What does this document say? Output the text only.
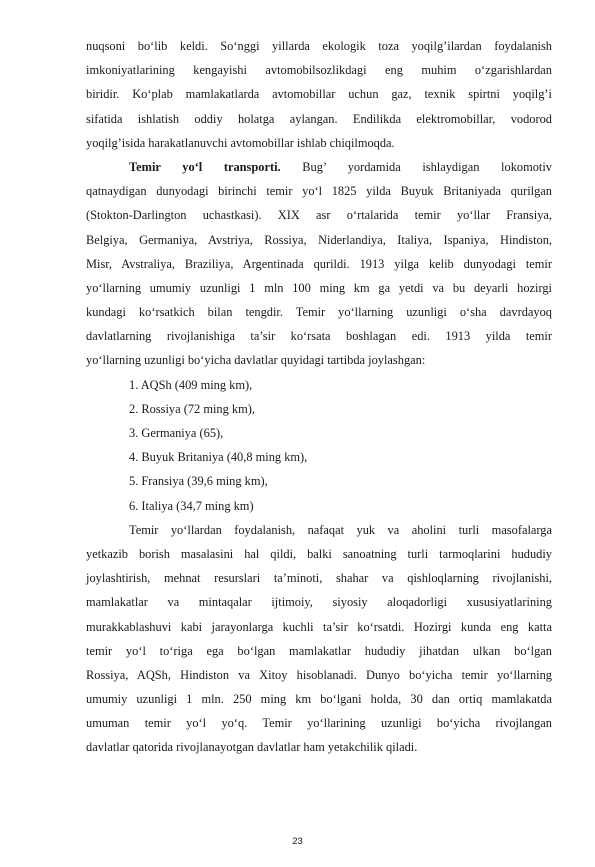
nuqsoni bo‘lib keldi. So‘nggi yillarda ekologik toza yoqilg’ilardan foydalanish
imkoniyatlarining kengayishi avtomobilsozlikdagi eng muhim o‘zgarishlardan
biridir. Ko‘plab mamlakatlarda avtomobillar uchun gaz, texnik spirtni yoqilg’i
sifatida ishlatish oddiy holatga aylangan. Endilikda elektromobillar, vodorod
yoqilg’isida harakatlanuvchi avtomobillar ishlab chiqilmoqda.
Temir yo‘l transporti. Bug’ yordamida ishlaydigan lokomotiv
qatnaydigan dunyodagi birinchi temir yo‘l 1825 yilda Buyuk Britaniyada qurilgan
(Stokton-Darlington uchastkasi). XIX asr o‘rtalarida temir yo‘llar Fransiya,
Belgiya, Germaniya, Avstriya, Rossiya, Niderlandiya, Italiya, Ispaniya, Hindiston,
Misr, Avstraliya, Braziliya, Argentinada qurildi. 1913 yilga kelib dunyodagi temir
yo‘llarning umumiy uzunligi 1 mln 100 ming km ga yetdi va bu deyarli hozirgi
kundagi ko‘rsatkich bilan tengdir. Temir yo‘llarning uzunligi o‘sha davrdayoq
davlatlarning rivojlanishiga ta’sir ko‘rsata boshlagan edi. 1913 yilda temir
yo‘llarning uzunligi bo‘yicha davlatlar quyidagi tartibda joylashgan:
1. AQSh (409 ming km),
2. Rossiya (72 ming km),
3. Germaniya (65),
4. Buyuk Britaniya (40,8 ming km),
5. Fransiya (39,6 ming km),
6. Italiya (34,7 ming km)
Temir yo‘llardan foydalanish, nafaqat yuk va aholini turli masofalarga
yetkazib borish masalasini hal qildi, balki sanoatning turli tarmoqlarini hududiy
joylashtirish, mehnat resurslari ta’minoti, shahar va qishloqlarning rivojlanishi,
mamlakatlar va mintaqalar ijtimoiy, siyosiy aloqadorligi xususiyatlarining
murakkablashuvi kabi jarayonlarga kuchli ta’sir ko‘rsatdi. Hozirgi kunda eng katta
temir yo‘l to‘riga ega bo‘lgan mamlakatlar hududiy jihatdan ulkan bo‘lgan
Rossiya, AQSh, Hindiston va Xitoy hisoblanadi. Dunyo bo‘yicha temir yo‘llarning
umumiy uzunligi 1 mln. 250 ming km bo‘lgani holda, 30 dan ortiq mamlakatda
umuman temir yo‘l yo‘q. Temir yo‘llarining uzunligi bo‘yicha rivojlangan
davlatlar qatorida rivojlanayotgan davlatlar ham yetakchilik qiladi.
23
